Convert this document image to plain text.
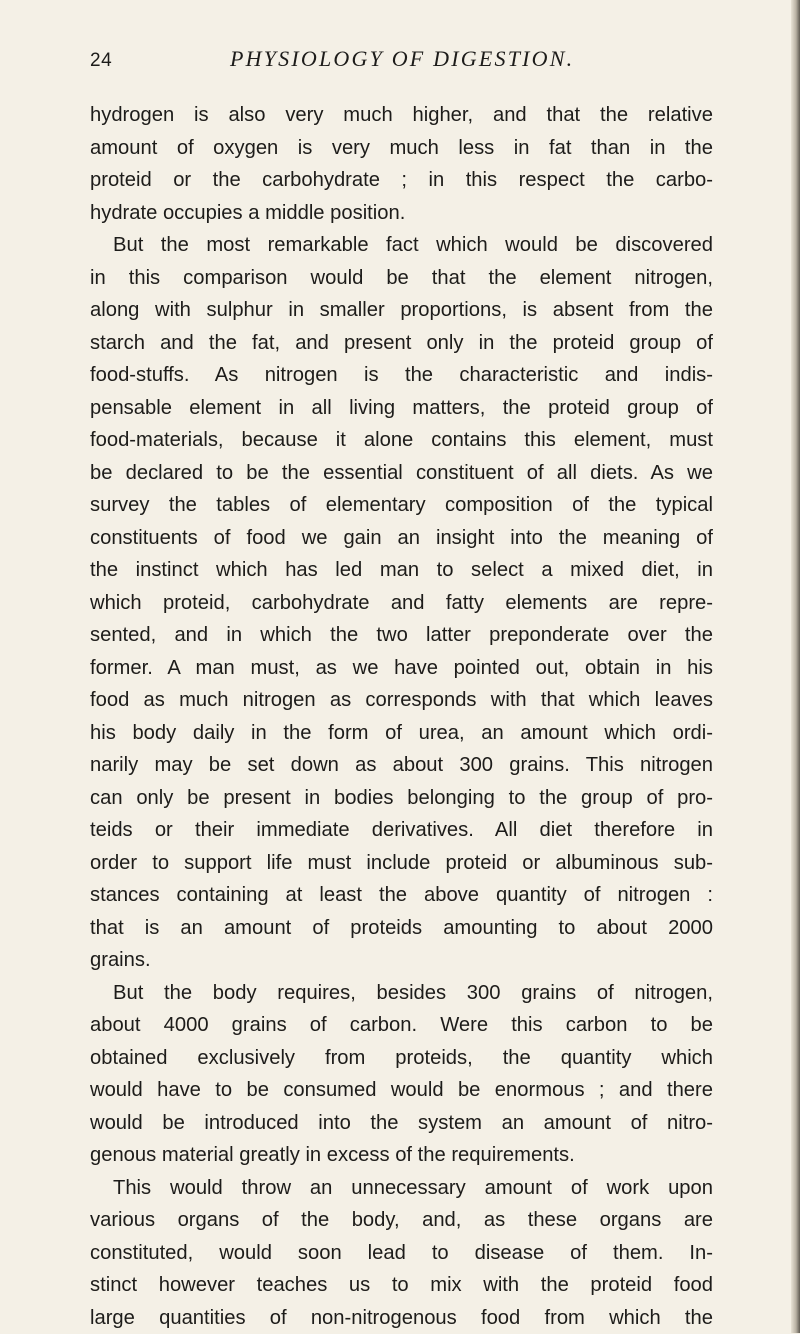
24	PHYSIOLOGY OF DIGESTION.
hydrogen is also very much higher, and that the relative
amount of oxygen is very much less in fat than in the
proteid or the carbohydrate ; in this respect the carbo-
hydrate occupies a middle position.
But the most remarkable fact which would be discovered
in this comparison would be that the element nitrogen,
along with sulphur in smaller proportions, is absent from the
starch and the fat, and present only in the proteid group of
food-stuffs. As nitrogen is the characteristic and indis-
pensable element in all living matters, the proteid group of
food-materials, because it alone contains this element, must
be declared to be the essential constituent of all diets. As we
survey the tables of elementary composition of the typical
constituents of food we gain an insight into the meaning of
the instinct which has led man to select a mixed diet, in
which proteid, carbohydrate and fatty elements are repre-
sented, and in which the two latter preponderate over the
former. A man must, as we have pointed out, obtain in his
food as much nitrogen as corresponds with that which leaves
his body daily in the form of urea, an amount which ordi-
narily may be set down as about 300 grains. This nitrogen
can only be present in bodies belonging to the group of pro-
teids or their immediate derivatives. All diet therefore in
order to support life must include proteid or albuminous sub-
stances containing at least the above quantity of nitrogen :
that is an amount of proteids amounting to about 2000
grains.
But the body requires, besides 300 grains of nitrogen,
about 4000 grains of carbon. Were this carbon to be
obtained exclusively from proteids, the quantity which
would have to be consumed would be enormous ; and there
would be introduced into the system an amount of nitro-
genous material greatly in excess of the requirements.
This would throw an unnecessary amount of work upon
various organs of the body, and, as these organs are
constituted, would soon lead to disease of them. In-
stinct however teaches us to mix with the proteid food
large quantities of non-nitrogenous food from which the
